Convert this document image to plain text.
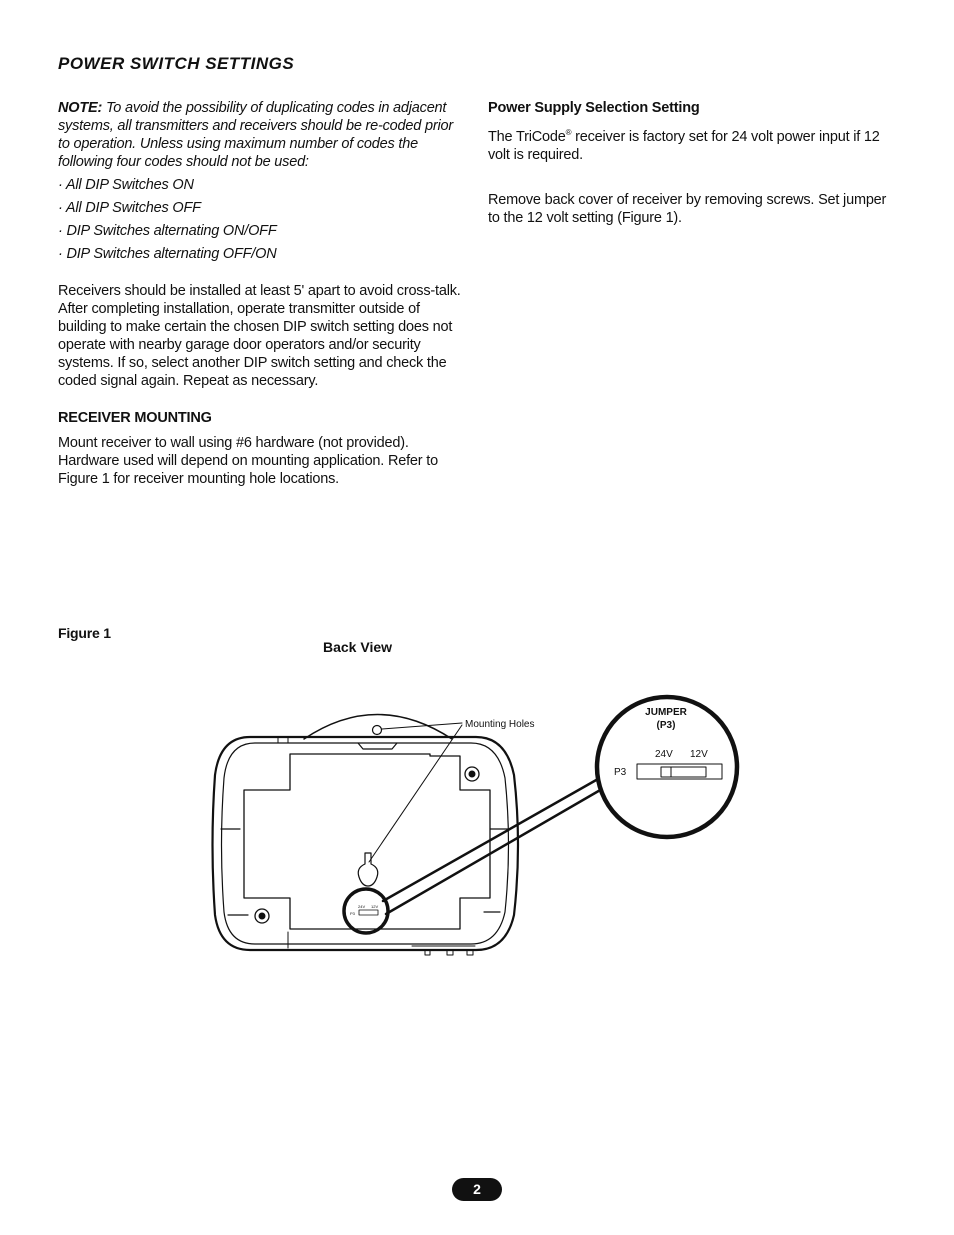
POWER SWITCH SETTINGS

NOTE: To avoid the possibility of duplicating codes in adjacent systems, all transmitters and receivers should be re-coded prior to operation. Unless using maximum number of codes the following four codes should not be used:

· All DIP Switches ON

· All DIP Switches OFF

· DIP Switches alternating ON/OFF

· DIP Switches alternating OFF/ON

Receivers should be installed at least 5' apart to avoid cross-talk. After completing installation, operate transmitter outside of building to make certain the chosen DIP switch setting does not operate with nearby garage door operators and/or security systems. If so, select another DIP switch setting and check the coded signal again. Repeat as necessary.

RECEIVER MOUNTING

Mount receiver to wall using #6 hardware (not provided). Hardware used will depend on mounting application. Refer to Figure 1 for receiver mounting hole locations.

Power Supply Selection Setting

The TriCode® receiver is factory set for 24 volt power input if 12 volt is required.

Remove back cover of receiver by removing screws. Set jumper to the 12 volt setting (Figure 1).

Figure 1
Back View
Mounting Holes
JUMPER
(P3)
24V 12V
P3
24V 12V
P3
2
